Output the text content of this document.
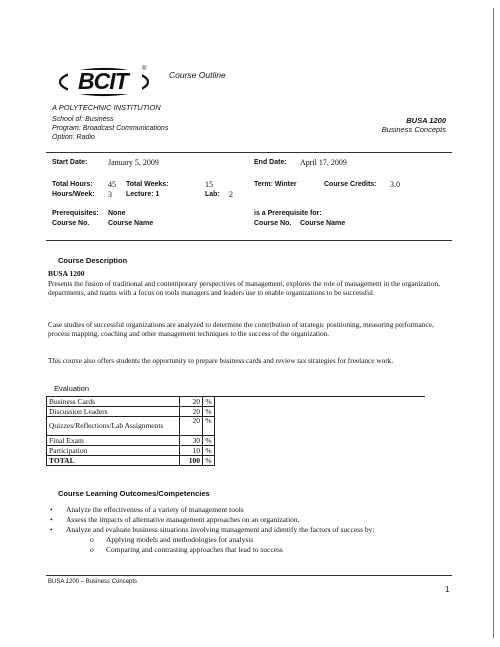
BCIT ®
Course Outline
A POLYTECHNIC INSTITUTION
School of: Business
Program: Broadcast Communications
Option: Radio
BUSA 1200
Business Concepts
Start Date:	January 5, 2009	End Date: April 17, 2009
Total Hours: 45 Total Weeks:	15	Term: Winter	Course Credits: 3.0
Hours/Week: 3 Lecture: 1	Lab: 2
Prerequisites: None	is a Prerequisite for:
Course No.	Course Name	Course No. Course Name
Course Description
BUSA 1200
Presents the fusion of traditional and contemporary perspectives of management, explores the role of management in the organization, departments, and teams with a focus on tools managers and leaders use to enable organizations to be successful.
Case studies of successful organizations are analyzed to determine the contribution of strategic positioning, measuring performance, process mapping, coaching and other management techniques to the success of the organization.
This course also offers students the opportunity to prepare business cards and review tax strategies for freelance work.
Evaluation
Business Cards	20	%	
Discussion Leaders	20	%	
Quizzes/Reflections/Lab Assignments	20	%	
Final Exam	30	%	
Participation	10	%	
TOTAL	100	%	
Course Learning Outcomes/Competencies
• Analyze the effectiveness of a variety of management tools
• Assess the impacts of alternative management approaches on an organization.
• Analyze and evaluate business situations involving management and identify the factors of success by:
o Applying models and methodologies for analysis
o Comparing and contrasting approaches that lead to success
BUSA 1200 – Business Concepts
1
